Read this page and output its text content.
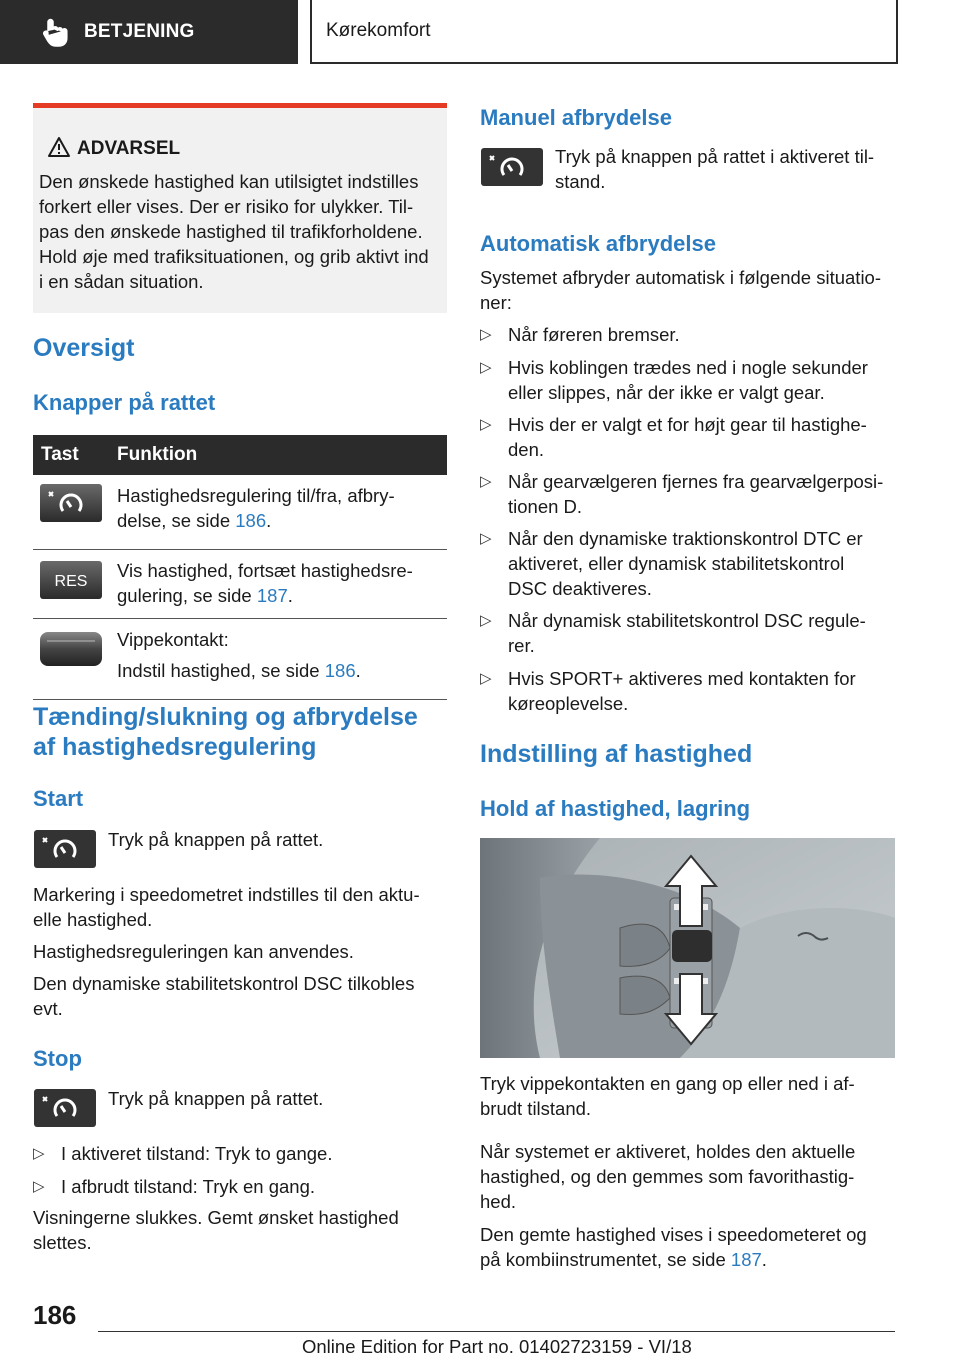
BETJENING	Kørekomfort
ADVARSEL
Den ønskede hastighed kan utilsigtet indstilles
forkert eller vises. Der er risiko for ulykker. Til-
pas den ønskede hastighed til trafikforholdene.
Hold øje med trafiksituationen, og grib aktivt ind
i en sådan situation.
Oversigt
Knapper på rattet
Tast	Funktion

Hastighedsregulering til/fra, afbry-
delse, se side 186.

RES	Vis hastighed, fortsæt hastighedsre-
gulering, se side 187.

Vippekontakt:
Indstil hastighed, se side 186.
Tænding/slukning og afbrydelse
af hastighedsregulering
Start
Tryk på knappen på rattet.
Markering i speedometret indstilles til den aktu-
elle hastighed.
Hastighedsreguleringen kan anvendes.
Den dynamiske stabilitetskontrol DSC tilkobles
evt.
Stop
Tryk på knappen på rattet.
▷ I aktiveret tilstand: Tryk to gange.
▷ I afbrudt tilstand: Tryk en gang.
Visningerne slukkes. Gemt ønsket hastighed
slettes.
Manuel afbrydelse
Tryk på knappen på rattet i aktiveret til-
stand.
Automatisk afbrydelse
Systemet afbryder automatisk i følgende situatio-
ner:
▷ Når føreren bremser.
▷ Hvis koblingen trædes ned i nogle sekunder
eller slippes, når der ikke er valgt gear.
▷ Hvis der er valgt et for højt gear til hastighe-
den.
▷ Når gearvælgeren fjernes fra gearvælgerposi-
tionen D.
▷ Når den dynamiske traktionskontrol DTC er
aktiveret, eller dynamisk stabilitetskontrol
DSC deaktiveres.
▷ Når dynamisk stabilitetskontrol DSC regule-
rer.
▷ Hvis SPORT+ aktiveres med kontakten for
køreoplevelse.
Indstilling af hastighed
Hold af hastighed, lagring
Tryk vippekontakten en gang op eller ned i af-
brudt tilstand.
Når systemet er aktiveret, holdes den aktuelle
hastighed, og den gemmes som favorithastig-
hed.
Den gemte hastighed vises i speedometeret og
på kombiinstrumentet, se side 187.
186
Online Edition for Part no. 01402723159 - VI/18
